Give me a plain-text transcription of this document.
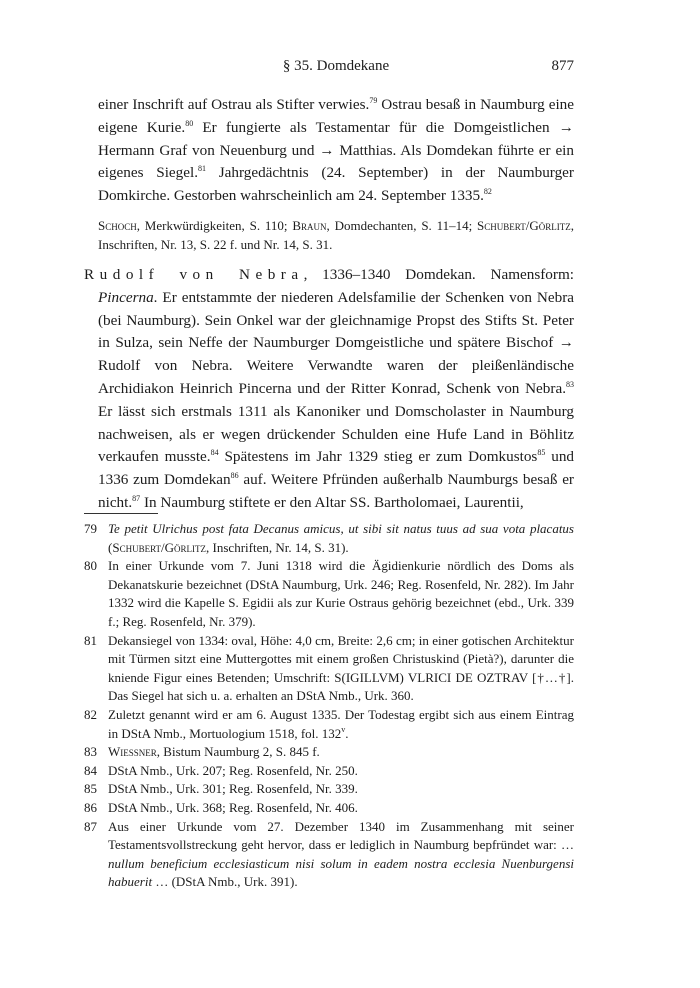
§ 35. Domdekane	877

einer Inschrift auf Ostrau als Stifter verwies.$^{79}$ Ostrau besaß in Naumburg eine eigene Kurie.$^{80}$ Er fungierte als Testamentar für die Domgeistlichen → Hermann Graf von Neuenburg und → Matthias. Als Domdekan führte er ein eigenes Siegel.$^{81}$ Jahrgedächtnis (24. September) in der Naumburger Domkirche. Gestorben wahrscheinlich am 24. September 1335.82

Schoch, Merkwürdigkeiten, S. 110; Braun, Domdechanten, S. 11–14; Schubert/Görlitz, Inschriften, Nr. 13, S. 22 f. und Nr. 14, S. 31.

Rudolf von Nebra, 1336–1340 Domdekan. Namensform: Pincerna. Er entstammte der niederen Adelsfamilie der Schenken von Nebra (bei Naumburg). Sein Onkel war der gleichnamige Propst des Stifts St. Peter in Sulza, sein Neffe der Naumburger Domgeistliche und spätere Bischof → Rudolf von Nebra. Weitere Verwandte waren der pleißenländische Archidiakon Heinrich Pincerna und der Ritter Konrad, Schenk von Nebra.$^{83}$ Er lässt sich erstmals 1311 als Kanoniker und Domscholaster in Naumburg nachweisen, als er wegen drückender Schulden eine Hufe Land in Böhlitz verkaufen musste.$^{84}$ Spätestens im Jahr 1329 stieg er zum Domkustos$^{85}$ und 1336 zum Domdekan$^{86}$ auf. Weitere Pfründen außerhalb Naumburgs besaß er nicht.$^{87}$ In Naumburg stiftete er den Altar SS. Bartholomaei, Laurentii,

79 Te petit Ulrichus post fata Decanus amicus, ut sibi sit natus tuus ad sua vota placatus (Schubert/Görlitz, Inschriften, Nr. 14, S. 31).

80 In einer Urkunde vom 7. Juni 1318 wird die Ägidienkurie nördlich des Doms als Dekanatskurie bezeichnet (DStA Naumburg, Urk. 246; Reg. Rosenfeld, Nr. 282). Im Jahr 1332 wird die Kapelle S. Egidii als zur Kurie Ostraus gehörig bezeichnet (ebd., Urk. 339 f.; Reg. Rosenfeld, Nr. 379).

81 Dekansiegel von 1334: oval, Höhe: 4,0 cm, Breite: 2,6 cm; in einer gotischen Architektur mit Türmen sitzt eine Muttergottes mit einem großen Christuskind (Pietà?), darunter die kniende Figur eines Betenden; Umschrift: S(IGILLVM) VLRICI DE OZTRAV [†…†]. Das Siegel hat sich u. a. erhalten an DStA Nmb., Urk. 360.

82 Zuletzt genannt wird er am 6. August 1335. Der Todestag ergibt sich aus einem Eintrag in DStA Nmb., Mortuologium 1518, fol. 132$^v$.

83 Wiessner, Bistum Naumburg 2, S. 845 f.

84 DStA Nmb., Urk. 207; Reg. Rosenfeld, Nr. 250.

85 DStA Nmb., Urk. 301; Reg. Rosenfeld, Nr. 339.

86 DStA Nmb., Urk. 368; Reg. Rosenfeld, Nr. 406.

87 Aus einer Urkunde vom 27. Dezember 1340 im Zusammenhang mit seiner Testamentsvollstreckung geht hervor, dass er lediglich in Naumburg bepfründet war: … nullum beneficium ecclesiasticum nisi solum in eadem nostra ecclesia Nuenburgensi habuerit … (DStA Nmb., Urk. 391).
